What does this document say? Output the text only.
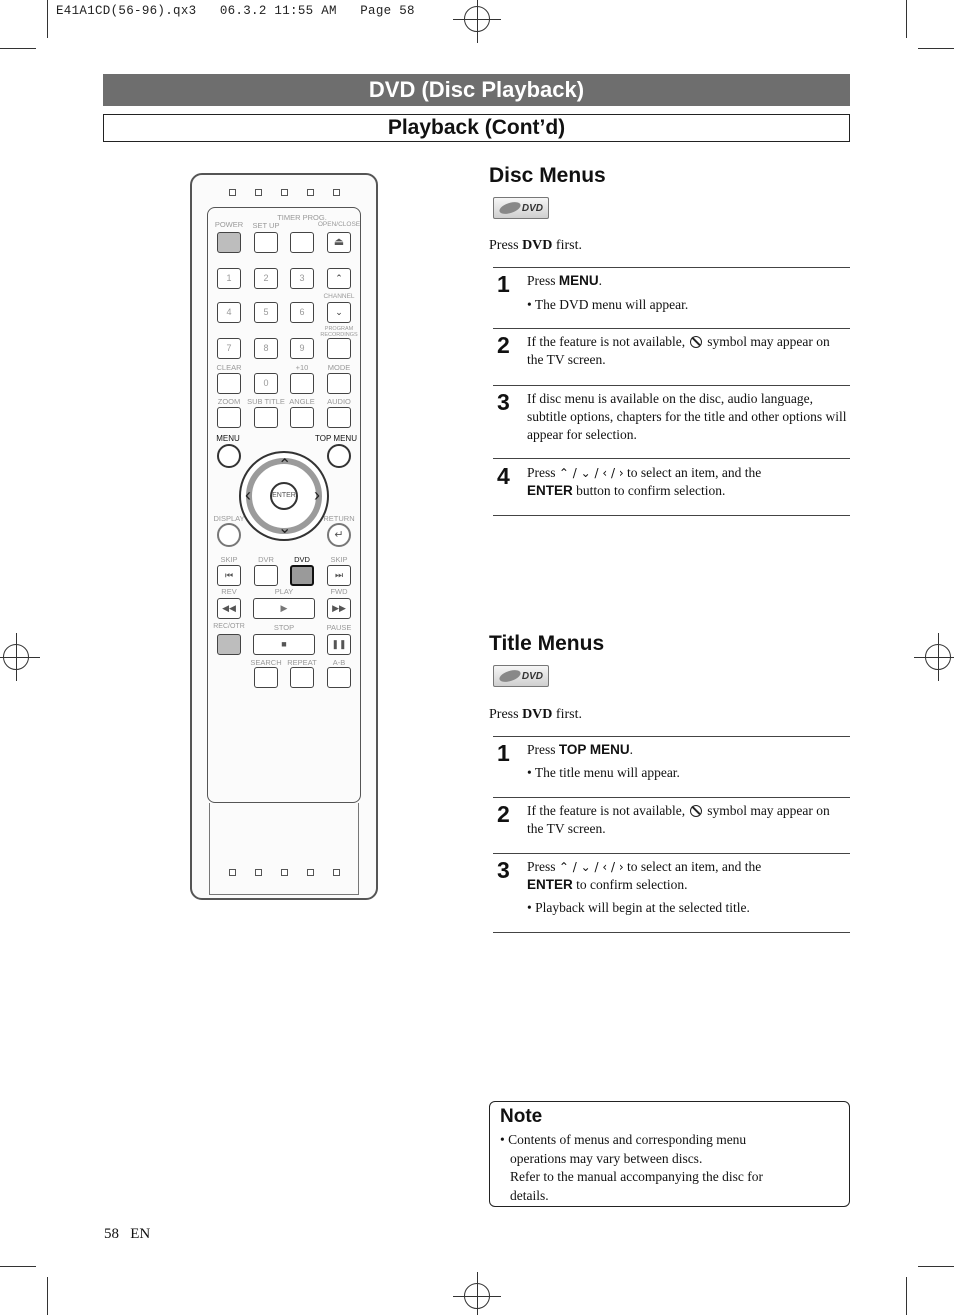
E41A1CD(56-96).qx3   06.3.2 11:55 AM   Page 58
DVD (Disc Playback)
Playback (Cont’d)
POWER	SET UP
TIMER PROG.
OPEN/CLOSE
⏏
1	2	3	⌃
CHANNEL
4	5	6	⌄
PROGRAM RECORDINGS
7	8	9
CLEAR	+10	MODE
0
ZOOM SUB TITLE ANGLE	AUDIO
MENU	TOP MENU
⌃
⌄
‹	›
ENTER
DISPLAY	RETURN
↵
SKIP	DVR	DVD	SKIP
⏮	⏭
REV	PLAY	FWD
◀◀	▶	▶▶
REC/OTR	STOP	PAUSE
■	❚❚
SEARCH REPEAT	A-B
Disc Menus
DVD
Press DVD first.
1 Press MENU.
• The DVD menu will appear.
2 If the feature is not available, symbol may appear on the TV screen.
3 If disc menu is available on the disc, audio language, subtitle options, chapters for the title and other options will appear for selection.
4 Press ⌃ / ⌄ / ‹ / › to select an item, and the
ENTER button to confirm selection.
Title Menus
DVD
Press DVD first.
1 Press TOP MENU.
• The title menu will appear.
2 If the feature is not available, symbol may appear on the TV screen.
3 Press ⌃ / ⌄ / ‹ / › to select an item, and the
ENTER to confirm selection.
• Playback will begin at the selected title.
Note
• Contents of menus and corresponding menu
operations may vary between discs.
Refer to the manual accompanying the disc for
details.
58   EN
